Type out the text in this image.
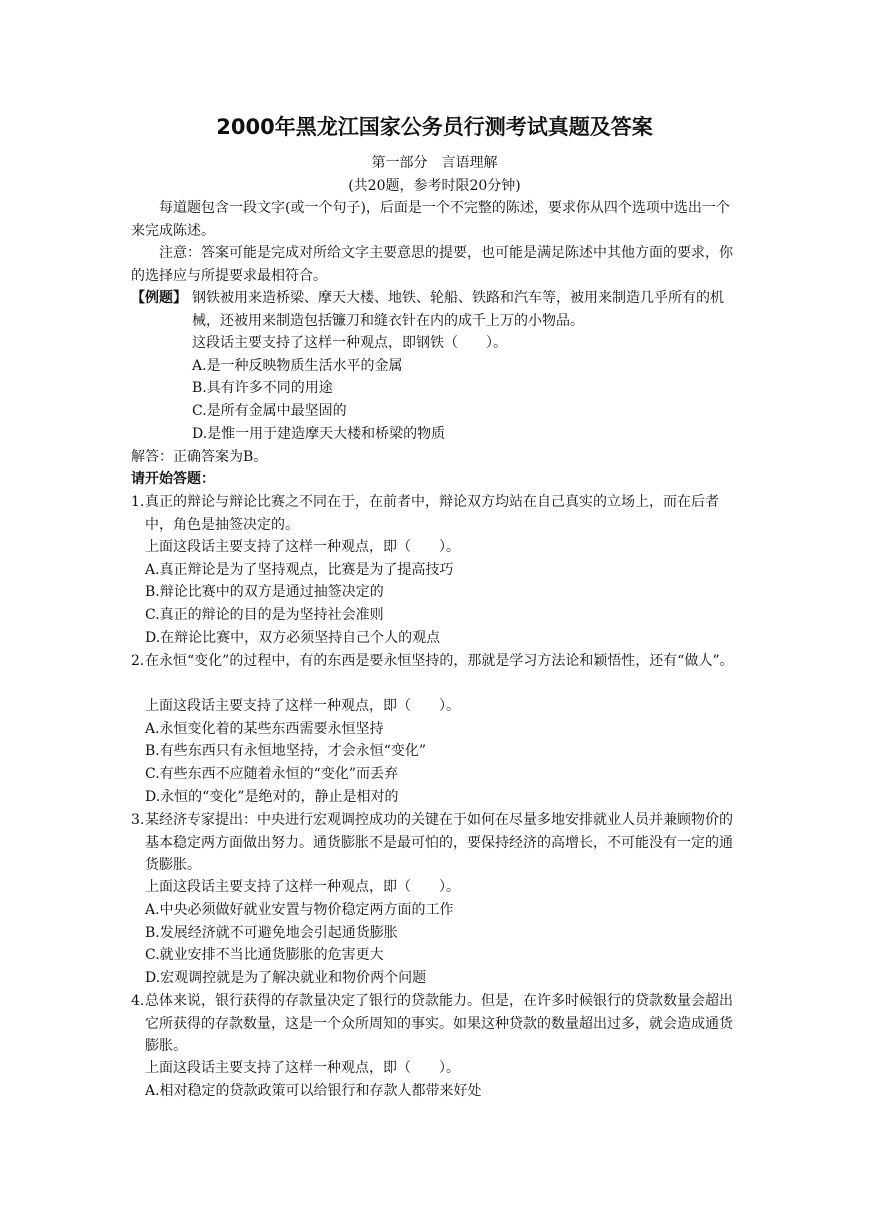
2000年黑龙江国家公务员行测考试真题及答案
第一部分　言语理解
(共20题，参考时限20分钟)
每道题包含一段文字(或一个句子)，后面是一个不完整的陈述，要求你从四个选项中选出一个来完成陈述。
注意：答案可能是完成对所给文字主要意思的提要，也可能是满足陈述中其他方面的要求，你的选择应与所提要求最相符合。
【例题】 钢铁被用来造桥梁、摩天大楼、地铁、轮船、铁路和汽车等，被用来制造几乎所有的机械，还被用来制造包括镰刀和缝衣针在内的成千上万的小物品。
这段话主要支持了这样一种观点，即钢铁（　　）。
A.是一种反映物质生活水平的金属
B.具有许多不同的用途
C.是所有金属中最坚固的
D.是惟一用于建造摩天大楼和桥梁的物质
解答：正确答案为B。
请开始答题：
1. 真正的辩论与辩论比赛之不同在于，在前者中，辩论双方均站在自己真实的立场上，而在后者中，角色是抽签决定的。
上面这段话主要支持了这样一种观点，即（　　）。
A.真正辩论是为了坚持观点，比赛是为了提高技巧
B.辩论比赛中的双方是通过抽签决定的
C.真正的辩论的目的是为坚持社会准则
D.在辩论比赛中，双方必须坚持自己个人的观点
2. 在永恒“变化”的过程中，有的东西是要永恒坚持的，那就是学习方法论和颖悟性，还有“做人”。
上面这段话主要支持了这样一种观点，即（　　）。
A.永恒变化着的某些东西需要永恒坚持
B.有些东西只有永恒地坚持，才会永恒“变化”
C.有些东西不应随着永恒的“变化”而丢弃
D.永恒的“变化”是绝对的，静止是相对的
3. 某经济专家提出：中央进行宏观调控成功的关键在于如何在尽量多地安排就业人员并兼顾物价的基本稳定两方面做出努力。通货膨胀不是最可怕的，要保持经济的高增长，不可能没有一定的通货膨胀。
上面这段话主要支持了这样一种观点，即（　　）。
A.中央必须做好就业安置与物价稳定两方面的工作
B.发展经济就不可避免地会引起通货膨胀
C.就业安排不当比通货膨胀的危害更大
D.宏观调控就是为了解决就业和物价两个问题
4. 总体来说，银行获得的存款量决定了银行的贷款能力。但是，在许多时候银行的贷款数量会超出它所获得的存款数量，这是一个众所周知的事实。如果这种贷款的数量超出过多，就会造成通货膨胀。
上面这段话主要支持了这样一种观点，即（　　）。
A.相对稳定的贷款政策可以给银行和存款人都带来好处
